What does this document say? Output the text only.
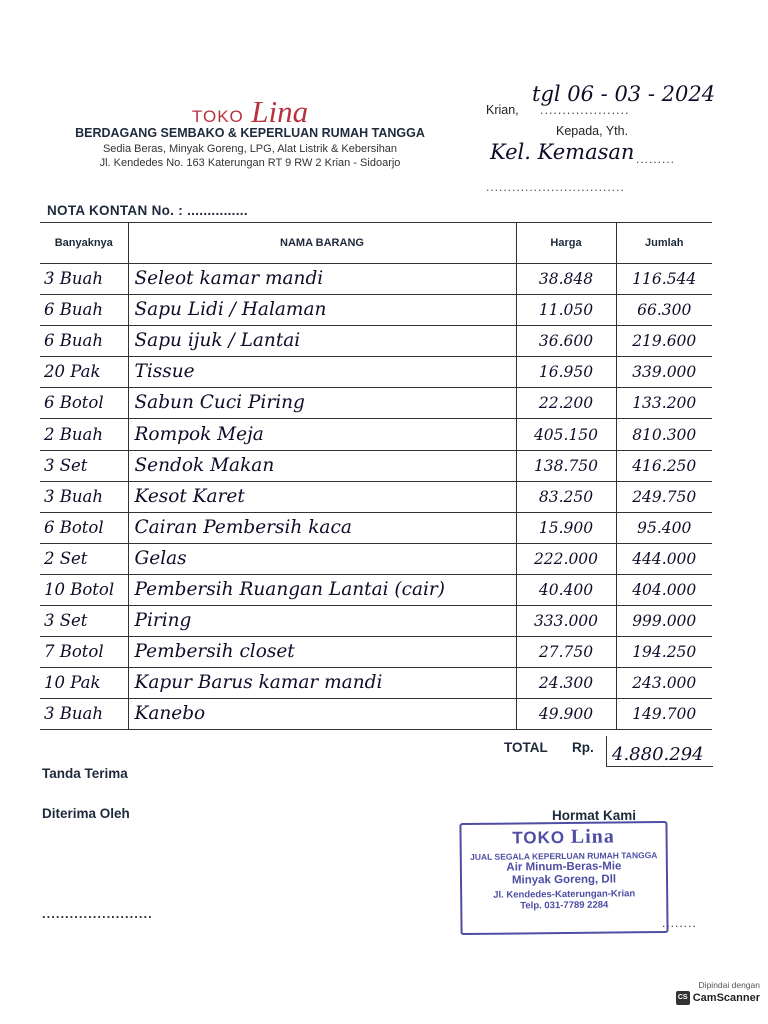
TOKO Lina
BERDAGANG SEMBAKO & KEPERLUAN RUMAH TANGGA
Sedia Beras, Minyak Goreng, LPG, Alat Listrik & Kebersihan
Jl. Kendedes No. 163 Katerungan RT 9 RW 2 Krian - Sidoarjo
Krian, ....................
tgl 06 - 03 - 2024
Kepada, Yth.
Kel. Kemasan .........
................................
NOTA KONTAN No. : ...............
Banyaknya	NAMA BARANG	Harga	Jumlah

3 Buah	Seleot kamar mandi	38.848	116.544

6 Buah	Sapu Lidi / Halaman	11.050	66.300

6 Buah	Sapu ijuk / Lantai	36.600	219.600

20 Pak	Tissue	16.950	339.000

6 Botol	Sabun Cuci Piring	22.200	133.200

2 Buah	Rompok Meja	405.150	810.300

3 Set	Sendok Makan	138.750	416.250

3 Buah	Kesot Karet	83.250	249.750

6 Botol	Cairan Pembersih kaca	15.900	95.400

2 Set	Gelas	222.000	444.000

10 Botol	Pembersih Ruangan Lantai (cair)	40.400	404.000

3 Set	Piring	333.000	999.000

7 Botol	Pembersih closet	27.750	194.250

10 Pak	Kapur Barus kamar mandi	24.300	243.000

3 Buah	Kanebo	49.900	149.700
TOTAL Rp. 4.880.294
Tanda Terima
Diterima Oleh
........................
Hormat Kami
........
TOKO Lina
JUAL SEGALA KEPERLUAN RUMAH TANGGA
Air Minum-Beras-Mie
Minyak Goreng, Dll
Jl. Kendedes-Katerungan-Krian
Telp. 031-7789 2284
Dipindai dengan
CS CamScanner
